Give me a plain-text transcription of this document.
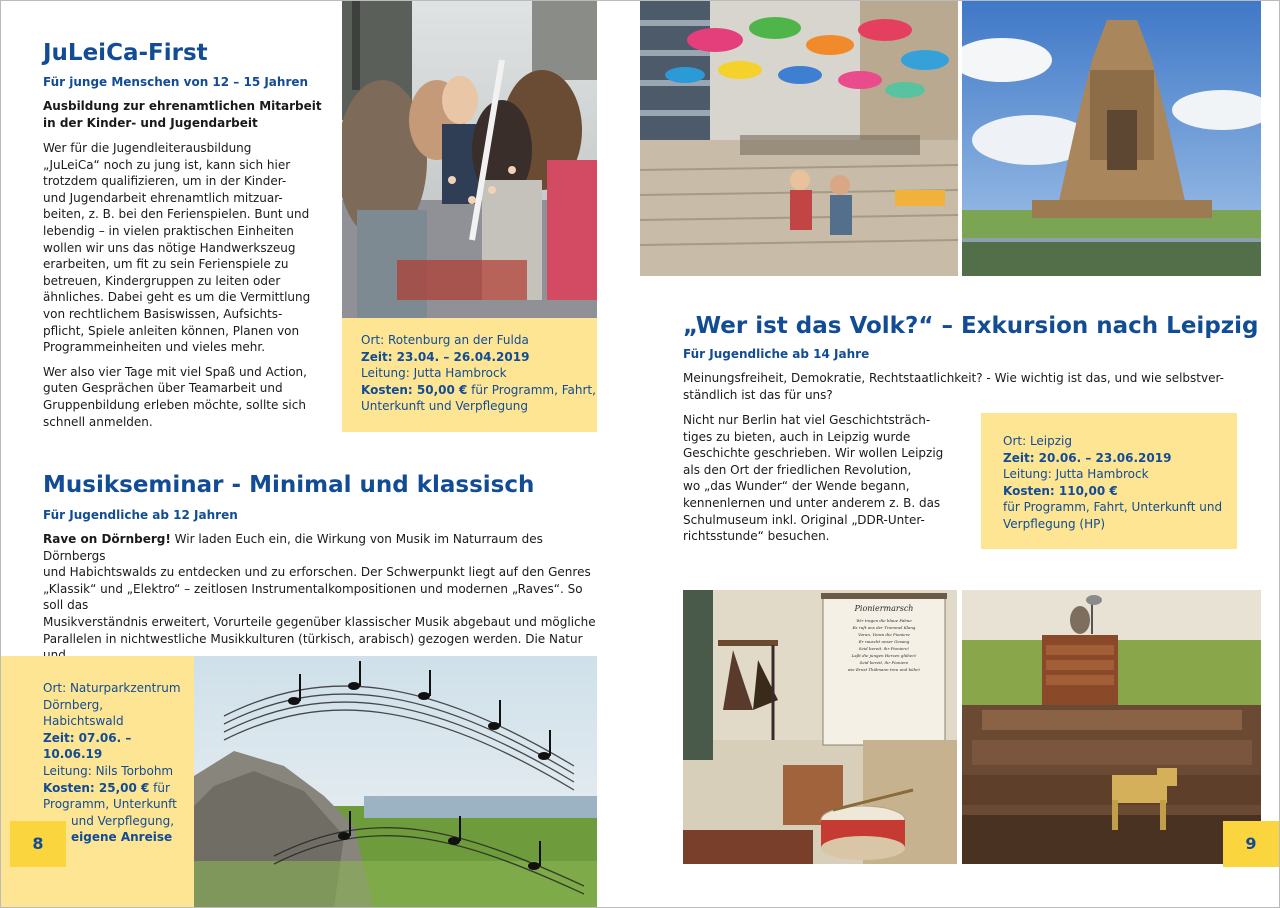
JuLeiCa-First
Für junge Menschen von 12 – 15 Jahren
Ausbildung zur ehrenamtlichen Mitarbeit
in der Kinder- und Jugendarbeit
Wer für die Jugendleiterausbildung
„JuLeiCa“ noch zu jung ist, kann sich hier
trotzdem qualifizieren, um in der Kinder-
und Jugendarbeit ehrenamtlich mitzuar-
beiten, z. B. bei den Ferienspielen. Bunt und
lebendig – in vielen praktischen Einheiten
wollen wir uns das nötige Handwerkszeug
erarbeiten, um fit zu sein Ferienspiele zu
betreuen, Kindergruppen zu leiten oder
ähnliches. Dabei geht es um die Vermittlung
von rechtlichem Basiswissen, Aufsichts-
pflicht, Spiele anleiten können, Planen von
Programmeinheiten und vieles mehr.
Wer also vier Tage mit viel Spaß und Action,
guten Gesprächen über Teamarbeit und
Gruppenbildung erleben möchte, sollte sich
schnell anmelden.
Ort: Rotenburg an der Fulda
Zeit: 23.04. – 26.04.2019
Leitung: Jutta Hambrock
Kosten: 50,00 € für Programm, Fahrt,
Unterkunft und Verpflegung
Musikseminar - Minimal und klassisch
Für Jugendliche ab 12 Jahren
Rave on Dörnberg! Wir laden Euch ein, die Wirkung von Musik im Naturraum des Dörnbergs
und Habichtswalds zu entdecken und zu erforschen. Der Schwerpunkt liegt auf den Genres
„Klassik“ und „Elektro“ – zeitlosen Instrumentalkompositionen und modernen „Raves“. So soll das
Musikverständnis erweitert, Vorurteile gegenüber klassischer Musik abgebaut und mögliche
Parallelen in nichtwestliche Musikkulturen (türkisch, arabisch) gezogen werden. Die Natur
Ort: Naturparkzentrum
Dörnberg,
Habichtswald
Zeit: 07.06. – 10.06.19
Leitung: Nils Torbohm
Kosten: 25,00 € für
Programm, Unterkunft
und Verpflegung,
eigene Anreise
8
„Wer ist das Volk?“ – Exkursion nach Leipzig
Für Jugendliche ab 14 Jahre
Meinungsfreiheit, Demokratie, Rechtstaatlichkeit? - Wie wichtig ist das, und wie selbstver-
ständlich ist das für uns?
Nicht nur Berlin hat viel Geschichtsträch-
tiges zu bieten, auch in Leipzig wurde
Geschichte geschrieben. Wir wollen Leipzig
als den Ort der friedlichen Revolution,
wo „das Wunder“ der Wende begann,
kennenlernen und unter anderem z. B. das
Schulmuseum inkl. Original „DDR-Unter-
richtsstunde“ besuchen.
Ort: Leipzig
Zeit: 20.06. – 23.06.2019
Leitung: Jutta Hambrock
Kosten: 110,00 €
für Programm, Fahrt, Unterkunft und
Verpflegung (HP)
Pioniermarsch
Wir tragen die blaue Fahne
Es ruft uns der Trommel Klang
Voran, Voran die Pioniere
Er rauscht unser Gesang
Seid bereit, ihr Pioniere!
Laßt die jungen Herzen glühen!
Seid bereit, ihr Pioniere
wie Ernst Thälmann treu und kühn!
9
